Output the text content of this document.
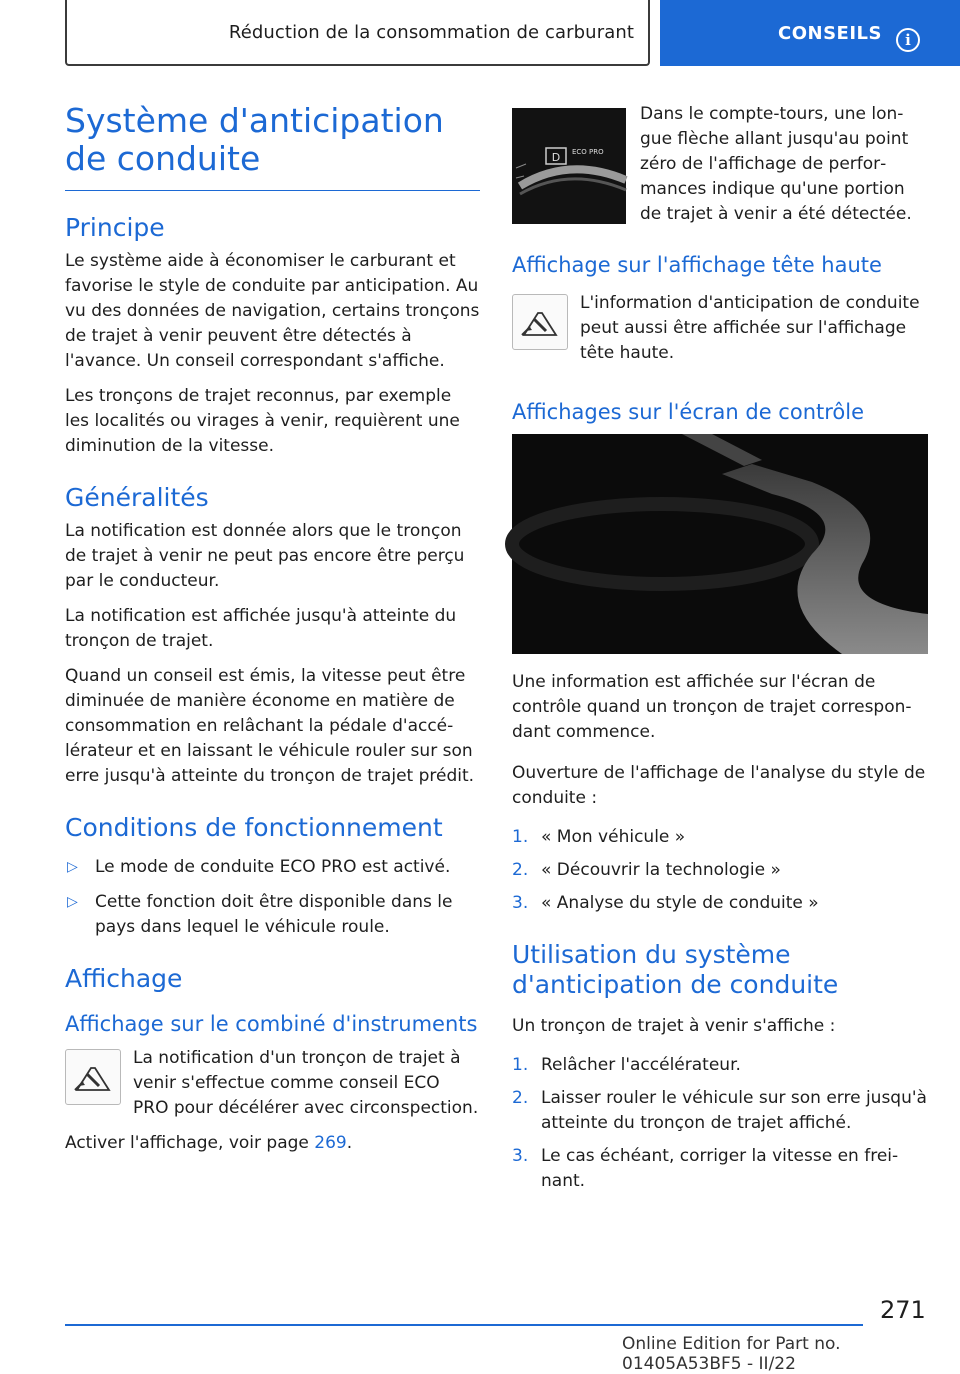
Réduction de la consommation de carburant	CONSEILS i
Système d'anticipation de conduite
Principe

Le système aide à économiser le carburant et favorise le style de conduite par anticipation. Au vu des données de navigation, certains tronçons de trajet à venir peuvent être détectés à l'avance. Un conseil correspondant s'affiche.

Les tronçons de trajet reconnus, par exemple les localités ou virages à venir, requièrent une diminution de la vitesse.

Généralités

La notification est donnée alors que le tronçon de trajet à venir ne peut pas encore être perçu par le conducteur.

La notification est affichée jusqu'à atteinte du tronçon de trajet.

Quand un conseil est émis, la vitesse peut être diminuée de manière économe en matière de consommation en relâchant la pédale d'accélérateur et en laissant le véhicule rouler sur son erre jusqu'à atteinte du tronçon de trajet prédit.

Conditions de fonctionnement
▷	Le mode de conduite ECO PRO est activé.
▷	Cette fonction doit être disponible dans le pays dans lequel le véhicule roule.
Affichage
Affichage sur le combiné d'instruments

La notification d'un tronçon de trajet à venir s'effectue comme conseil ECO PRO pour décélérer avec circonspection.

Activer l'affichage, voir page 269.

D ECO PRO

Dans le compte-tours, une longue flèche allant jusqu'au point zéro de l'affichage de performances indique qu'une portion de trajet à venir a été détectée.

Affichage sur l'affichage tête haute

L'information d'anticipation de conduite peut aussi être affichée sur l'affichage tête haute.

Affichages sur l'écran de contrôle

Une information est affichée sur l'écran de contrôle quand un tronçon de trajet correspondant commence.

Ouverture de l'affichage de l'analyse du style de conduite :

1. « Mon véhicule »
2. « Découvrir la technologie »
3. « Analyse du style de conduite »
Utilisation du système d'anticipation de conduite

Un tronçon de trajet à venir s'affiche :

1. Relâcher l'accélérateur.
2. Laisser rouler le véhicule sur son erre jusqu'à atteinte du tronçon de trajet affiché.
3. Le cas échéant, corriger la vitesse en freinant.
271
Online Edition for Part no. 01405A53BF5 - II/22
